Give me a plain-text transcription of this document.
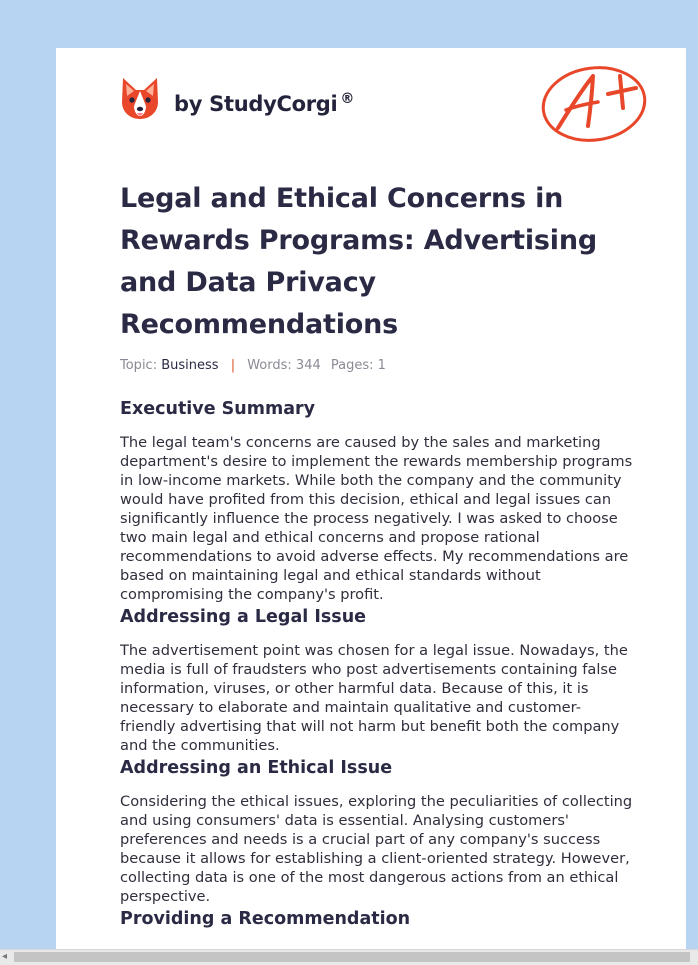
by StudyCorgi ®
Legal and Ethical Concerns in Rewards Programs: Advertising and Data Privacy Recommendations
Topic: Business | Words: 344 Pages: 1
Executive Summary

The legal team's concerns are caused by the sales and marketing department's desire to implement the rewards membership programs in low-income markets. While both the company and the community would have profited from this decision, ethical and legal issues can significantly influence the process negatively. I was asked to choose two main legal and ethical concerns and propose rational recommendations to avoid adverse effects. My recommendations are based on maintaining legal and ethical standards without compromising the company's profit.

Addressing a Legal Issue

The advertisement point was chosen for a legal issue. Nowadays, the media is full of fraudsters who post advertisements containing false information, viruses, or other harmful data. Because of this, it is necessary to elaborate and maintain qualitative and customer-friendly advertising that will not harm but benefit both the company and the communities.

Addressing an Ethical Issue

Considering the ethical issues, exploring the peculiarities of collecting and using consumers' data is essential. Analysing customers' preferences and needs is a crucial part of any company's success because it allows for establishing a client-oriented strategy. However, collecting data is one of the most dangerous actions from an ethical perspective.

Providing a Recommendation
◂
